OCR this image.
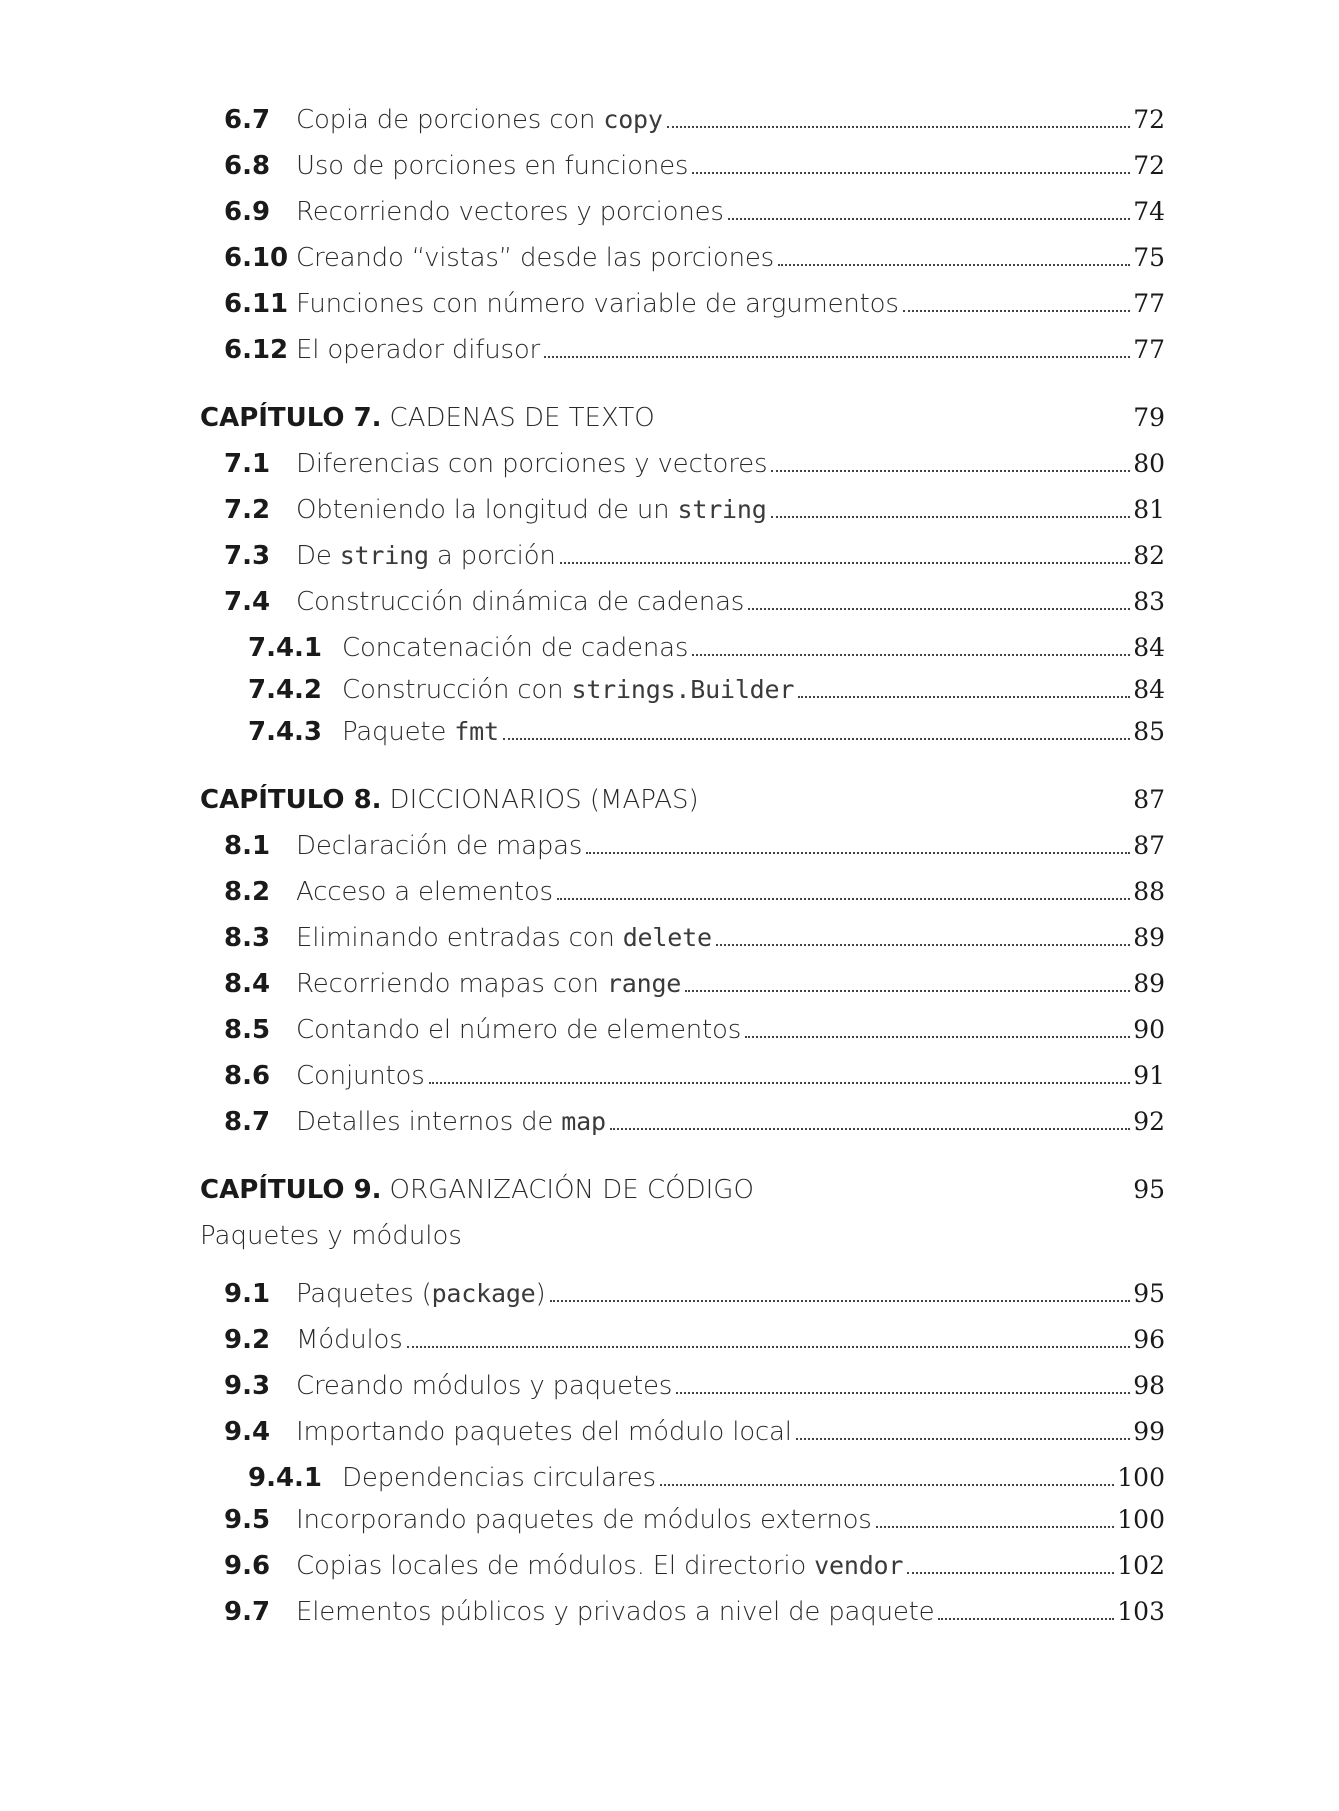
6.7 Copia de porciones con copy	72
6.8 Uso de porciones en funciones	72
6.9 Recorriendo vectores y porciones	74
6.10 Creando “vistas” desde las porciones	75
6.11 Funciones con número variable de argumentos	77
6.12 El operador difusor	77
CAPÍTULO 7. CADENAS DE TEXTO	79
7.1 Diferencias con porciones y vectores	80
7.2 Obteniendo la longitud de un string	81
7.3 De string a porción	82
7.4 Construcción dinámica de cadenas	83
7.4.1 Concatenación de cadenas	84
7.4.2 Construcción con strings.Builder	84
7.4.3 Paquete fmt	85
CAPÍTULO 8. DICCIONARIOS (MAPAS)	87
8.1 Declaración de mapas	87
8.2 Acceso a elementos	88
8.3 Eliminando entradas con delete	89
8.4 Recorriendo mapas con range	89
8.5 Contando el número de elementos	90
8.6 Conjuntos	91
8.7 Detalles internos de map	92
CAPÍTULO 9. ORGANIZACIÓN DE CÓDIGO	95
Paquetes y módulos
9.1 Paquetes (package)	95
9.2 Módulos	96
9.3 Creando módulos y paquetes	98
9.4 Importando paquetes del módulo local	99
9.4.1 Dependencias circulares	100
9.5 Incorporando paquetes de módulos externos	100
9.6 Copias locales de módulos. El directorio vendor	102
9.7 Elementos públicos y privados a nivel de paquete	103
